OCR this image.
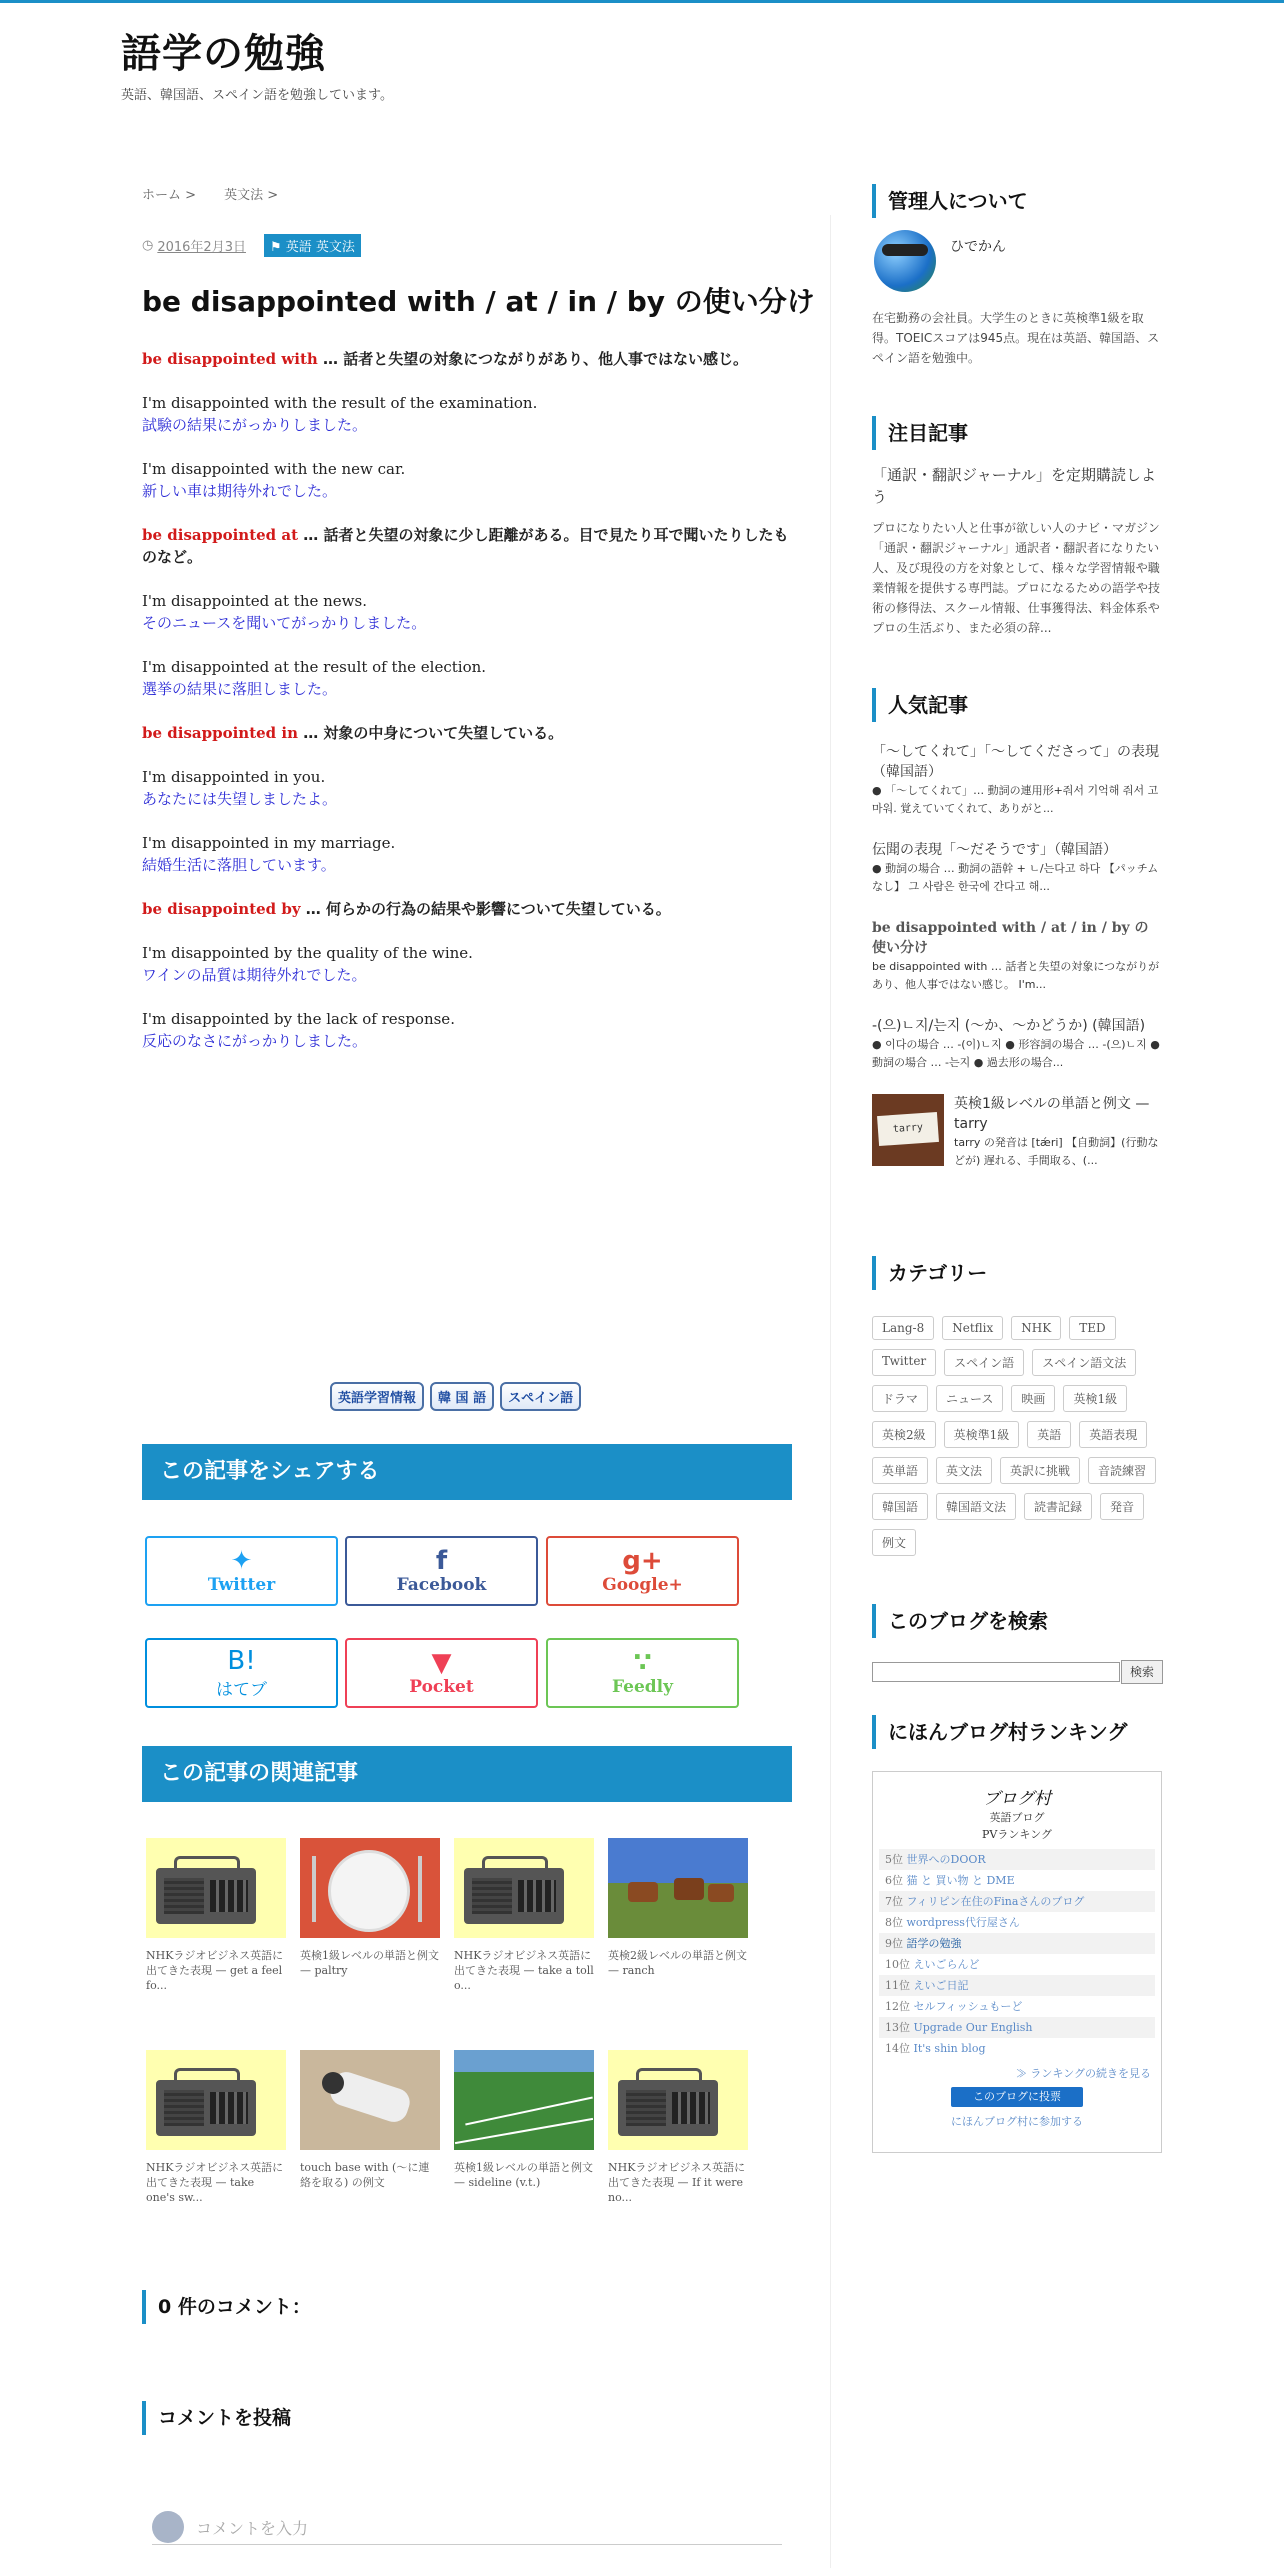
語学の勉強
英語、韓国語、スペイン語を勉強しています。
ホーム > 英文法 >
◷ 2016年2月3日	⚑ 英語 英文法
be disappointed with / at / in / by の使い分け

be disappointed with … 話者と失望の対象につながりがあり、他人事ではない感じ。

I'm disappointed with the result of the examination.
試験の結果にがっかりしました。

I'm disappointed with the new car.
新しい車は期待外れでした。

be disappointed at … 話者と失望の対象に少し距離がある。目で見たり耳で聞いたりしたものなど。

I'm disappointed at the news.
そのニュースを聞いてがっかりしました。

I'm disappointed at the result of the election.
選挙の結果に落胆しました。

be disappointed in … 対象の中身について失望している。

I'm disappointed in you.
あなたには失望しましたよ。

I'm disappointed in my marriage.
結婚生活に落胆しています。

be disappointed by … 何らかの行為の結果や影響について失望している。

I'm disappointed by the quality of the wine.
ワインの品質は期待外れでした。

I'm disappointed by the lack of response.
反応のなさにがっかりしました。

英語学習情報	韓 国 語	スペイン語
この記事をシェアする
✦
Twitter
f
Facebook
g+
Google+
B!
はてブ
▼
Pocket
∵
Feedly
この記事の関連記事
NHKラジオビジネス英語に出てきた表現 — get a feel fo...
英検1級レベルの単語と例文 — paltry
NHKラジオビジネス英語に出てきた表現 — take a toll o...
英検2級レベルの単語と例文 — ranch
NHKラジオビジネス英語に出てきた表現 — take one's sw...
touch base with (～に連絡を取る) の例文
英検1級レベルの単語と例文 — sideline (v.t.)
NHKラジオビジネス英語に出てきた表現 — If it were no...
0 件のコメント：
コメントを投稿
コメントを入力
管理人について
ひでかん
在宅勤務の会社員。大学生のときに英検準1級を取得。TOEICスコアは945点。現在は英語、韓国語、スペイン語を勉強中。
注目記事
「通訳・翻訳ジャーナル」を定期購読しよう
プロになりたい人と仕事が欲しい人のナビ・マガジン「通訳・翻訳ジャーナル」通訳者・翻訳者になりたい人、及び現役の方を対象として、様々な学習情報や職業情報を提供する専門誌。プロになるための語学や技術の修得法、スクール情報、仕事獲得法、料金体系やプロの生活ぶり、また必須の辞...
人気記事
「～してくれて」「～してくださって」の表現（韓国語）
● 「～してくれて」… 動詞の連用形+줘서 기억해 줘서 고마워. 覚えていてくれて、ありがと...
伝聞の表現「～だそうです」（韓国語）
● 動詞の場合 … 動詞の語幹 + ㄴ/는다고 하다 【パッチムなし】 그 사람은 한국에 간다고 해...
be disappointed with / at / in / by の使い分け
be disappointed with … 話者と失望の対象につながりがあり、他人事ではない感じ。 I'm...
-(으)ㄴ지/는지 (～か、～かどうか) (韓国語)
● 이다の場合 … -(이)ㄴ지 ● 形容詞の場合 … -(으)ㄴ지 ● 動詞の場合 … -는지 ● 過去形の場合...
tarry
英検1級レベルの単語と例文 — tarry
tarry の発音は [tǽri] 【自動詞】(行動などが) 遅れる、手間取る、(...
カテゴリー
Lang-8	Netflix	NHK	TED
Twitter	スペイン語	スペイン語文法
ドラマ	ニュース	映画	英検1級
英検2級	英検準1級	英語	英語表現
英単語	英文法	英訳に挑戦	音読練習
韓国語	韓国語文法	読書記録	発音
例文
このブログを検索
検索
にほんブログ村ランキング
ブログ村
英語ブログ
PVランキング
5位 世界へのDOOR
6位 猫 と 買い物 と DME
7位 フィリピン在住のFinaさんのブログ
8位 wordpress代行屋さん
9位 語学の勉強
10位 えいごらんど
11位 えいご日記
12位 セルフィッシュもーど
13位 Upgrade Our English
14位 It's shin blog
≫ ランキングの続きを見る
このブログに投票
にほんブログ村に参加する
